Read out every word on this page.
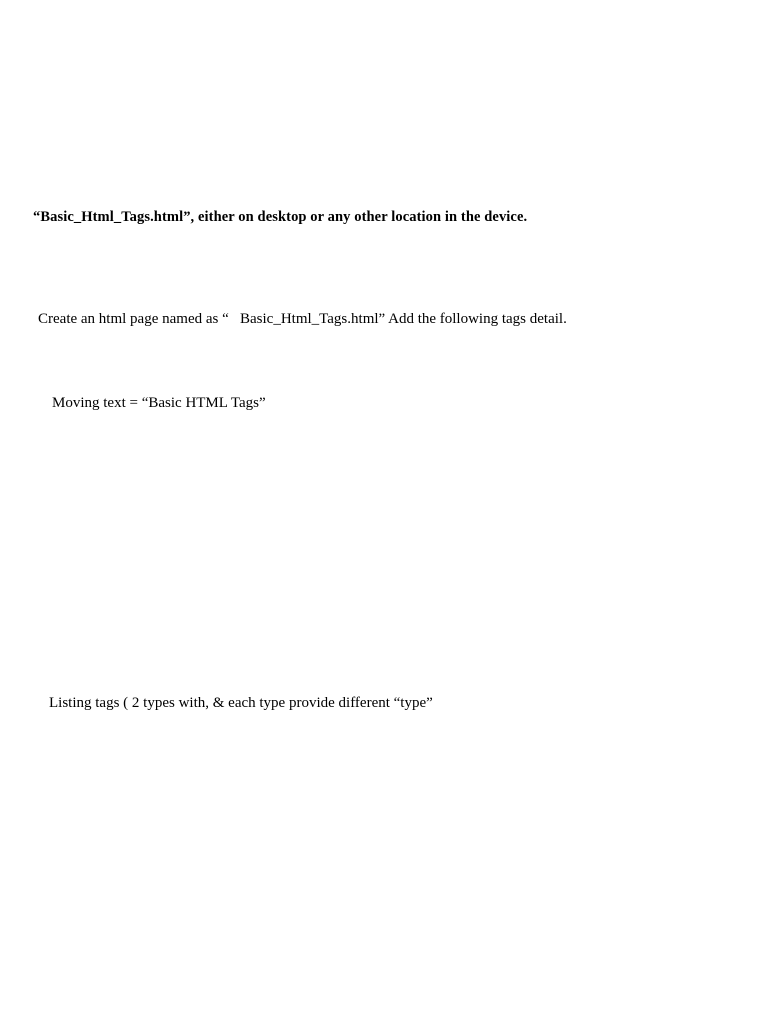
“Basic_Html_Tags.html”, either on desktop or any other location in the device.
Create an html page named as “   Basic_Html_Tags.html” Add the following tags detail.
Moving text = “Basic HTML Tags”
Listing tags ( 2 types with, & each type provide different “type”
